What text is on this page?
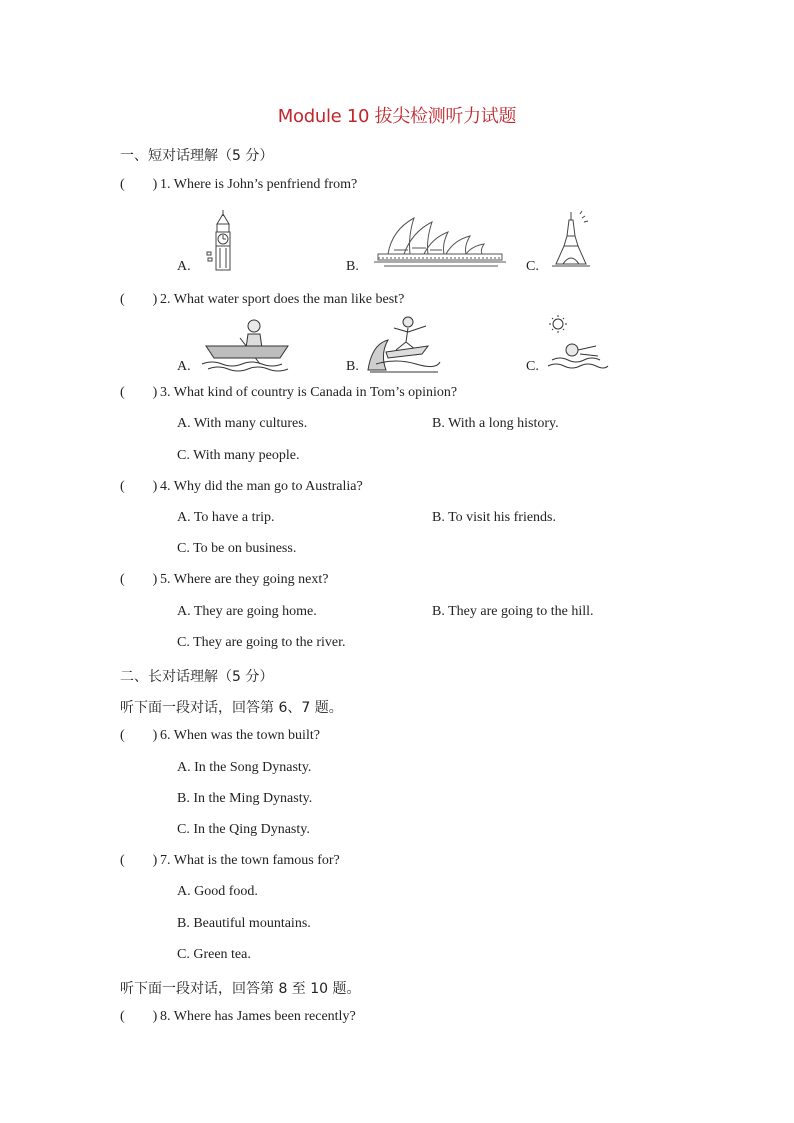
Module 10 拔尖检测听力试题
一、短对话理解（5 分）
(        ) 1. Where is John’s penfriend from?
A.	B.	C.
(        ) 2. What water sport does the man like best?
A.	B.	C.
(        ) 3. What kind of country is Canada in Tom’s opinion?
A. With many cultures.	B. With a long history.
C. With many people.
(        ) 4. Why did the man go to Australia?
A. To have a trip.	B. To visit his friends.
C. To be on business.
(        ) 5. Where are they going next?
A. They are going home.	B. They are going to the hill.
C. They are going to the river.
二、长对话理解（5 分）
听下面一段对话，回答第 6、7 题。
(        ) 6. When was the town built?
A. In the Song Dynasty.
B. In the Ming Dynasty.
C. In the Qing Dynasty.
(        ) 7. What is the town famous for?
A. Good food.
B. Beautiful mountains.
C. Green tea.
听下面一段对话，回答第 8 至 10 题。
(        ) 8. Where has James been recently?
